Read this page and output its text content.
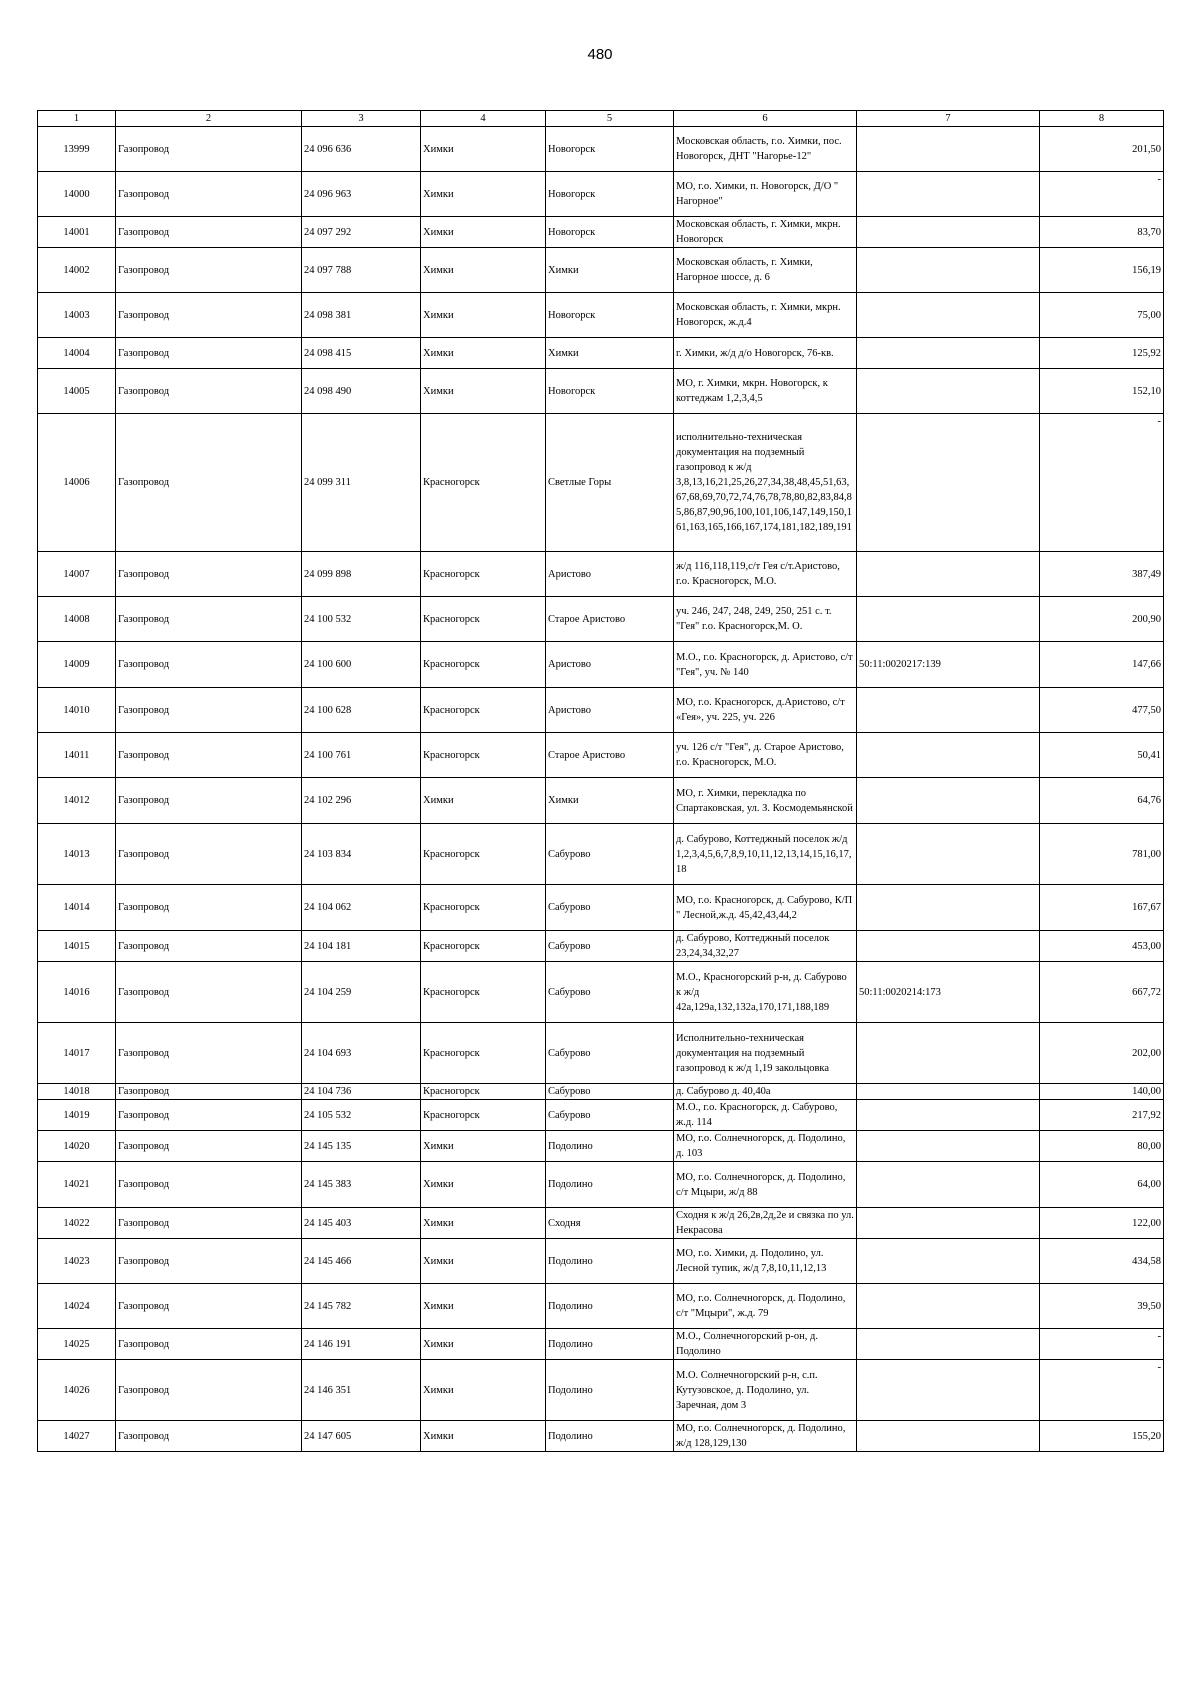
480
1	2	3	4	5	6	7	8
13999	Газопровод	24 096 636	Химки	Новогорск	Московская область, г.о. Химки, пос. Новогорск, ДНТ "Нагорье-12"		201,50
14000	Газопровод	24 096 963	Химки	Новогорск	МО, г.о. Химки, п. Новогорск, Д/О " Нагорное"		-
14001	Газопровод	24 097 292	Химки	Новогорск	Московская область, г. Химки, мкрн. Новогорск		83,70
14002	Газопровод	24 097 788	Химки	Химки	Московская область, г. Химки, Нагорное шоссе, д. 6		156,19
14003	Газопровод	24 098 381	Химки	Новогорск	Московская область, г. Химки, мкрн. Новогорск, ж.д.4		75,00
14004	Газопровод	24 098 415	Химки	Химки	г. Химки, ж/д д/о Новогорск, 76-кв.		125,92
14005	Газопровод	24 098 490	Химки	Новогорск	МО, г. Химки, мкрн. Новогорск, к коттеджам 1,2,3,4,5		152,10
14006	Газопровод	24 099 311	Красногорск	Светлые Горы	исполнительно-техническая документация на подземный газопровод к ж/д 3,8,13,16,21,25,26,27,34,38,48,45,51,63,67,68,69,70,72,74,76,78,78,80,82,83,84,85,86,87,90,96,100,101,106,147,149,150,161,163,165,166,167,174,181,182,189,191		-
14007	Газопровод	24 099 898	Красногорск	Аристово	ж/д 116,118,119,с/т Гея с/т.Аристово, г.о. Красногорск, М.О.		387,49
14008	Газопровод	24 100 532	Красногорск	Старое Аристово	уч. 246, 247, 248, 249, 250, 251 с. т. "Гея" г.о. Красногорск,М. О.		200,90
14009	Газопровод	24 100 600	Красногорск	Аристово	М.О., г.о. Красногорск, д. Аристово, с/т "Гея", уч. № 140	50:11:0020217:139	147,66
14010	Газопровод	24 100 628	Красногорск	Аристово	МО, г.о. Красногорск, д.Аристово, с/т «Гея», уч. 225, уч. 226		477,50
14011	Газопровод	24 100 761	Красногорск	Старое Аристово	уч. 126 с/т "Гея", д. Старое Аристово, г.о. Красногорск, М.О.		50,41
14012	Газопровод	24 102 296	Химки	Химки	МО, г. Химки, перекладка по Спартаковская, ул. З. Космодемьянской		64,76
14013	Газопровод	24 103 834	Красногорск	Сабурово	д. Сабурово, Коттеджный поселок ж/д 1,2,3,4,5,6,7,8,9,10,11,12,13,14,15,16,17,18		781,00
14014	Газопровод	24 104 062	Красногорск	Сабурово	МО, г.о. Красногорск, д. Сабурово, К/П " Лесной,ж.д. 45,42,43,44,2		167,67
14015	Газопровод	24 104 181	Красногорск	Сабурово	д. Сабурово, Коттеджный поселок 23,24,34,32,27		453,00
14016	Газопровод	24 104 259	Красногорск	Сабурово	М.О., Красногорский р-н, д. Сабурово к ж/д 42а,129а,132,132а,170,171,188,189	50:11:0020214:173	667,72
14017	Газопровод	24 104 693	Красногорск	Сабурово	Исполнительно-техническая документация на подземный газопровод к ж/д 1,19 закольцовка		202,00
14018	Газопровод	24 104 736	Красногорск	Сабурово	д. Сабурово д. 40,40а		140,00
14019	Газопровод	24 105 532	Красногорск	Сабурово	М.О., г.о. Красногорск, д. Сабурово, ж.д. 114		217,92
14020	Газопровод	24 145 135	Химки	Подолино	МО, г.о. Солнечногорск, д. Подолино, д. 103		80,00
14021	Газопровод	24 145 383	Химки	Подолино	МО, г.о. Солнечногорск, д. Подолино, с/т Мцыри, ж/д 88		64,00
14022	Газопровод	24 145 403	Химки	Сходня	Сходня к ж/д 26,2в,2д,2е и связка по ул. Некрасова		122,00
14023	Газопровод	24 145 466	Химки	Подолино	МО, г.о. Химки, д. Подолино, ул. Лесной тупик, ж/д 7,8,10,11,12,13		434,58
14024	Газопровод	24 145 782	Химки	Подолино	МО, г.о. Солнечногорск, д. Подолино, с/т "Мцыри", ж.д. 79		39,50
14025	Газопровод	24 146 191	Химки	Подолино	М.О., Солнечногорский р-он, д. Подолино		-
14026	Газопровод	24 146 351	Химки	Подолино	М.О. Солнечногорский р-н, с.п. Кутузовское, д. Подолино, ул. Заречная, дом 3		-
14027	Газопровод	24 147 605	Химки	Подолино	МО, г.о. Солнечногорск, д. Подолино, ж/д 128,129,130		155,20
